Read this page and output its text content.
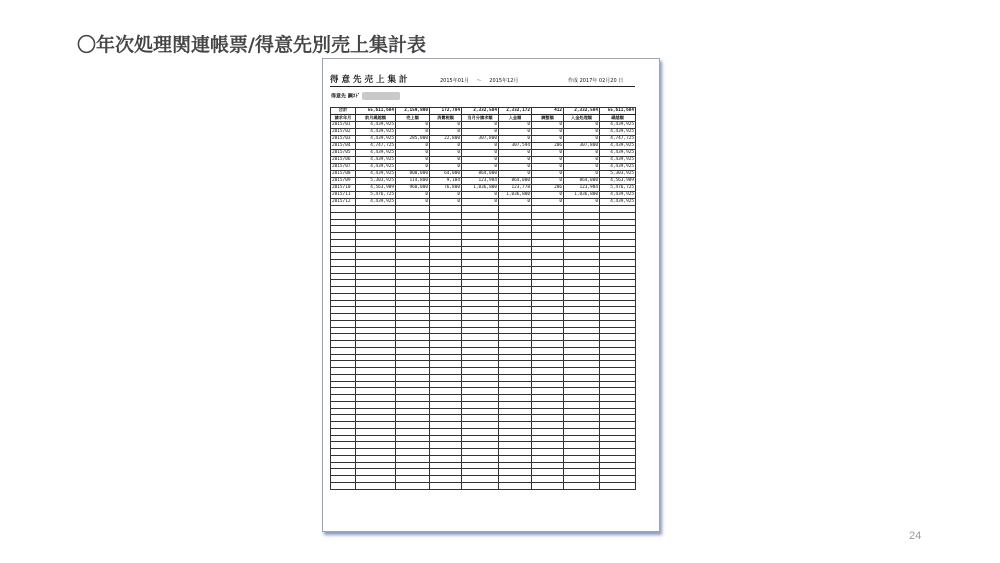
〇年次処理関連帳票/得意先別売上集計表
得意先売上集計	2015年01月 ～ 2015年12月	作成 2017年 02月20 日
得意先 鋼ｽﾄﾞ
合計	55,611,684	2,159,800	172,784	2,332,584	2,332,172	412	2,332,584	55,611,684
請求年月	前月繰越額	売上額	消費税額	当月分請求額	入金額	調整額	入金処理額	繰越額
2015/01	4,439,925	0	0	0	0	0	0	4,439,925
2015/02	4,439,925	0	0	0	0	0	0	4,439,925
2015/03	4,439,925	285,000	22,800	307,800	0	0	0	4,747,725
2015/04	4,747,725	0	0	0	307,594	206	307,800	4,439,925
2015/05	4,439,925	0	0	0	0	0	0	4,439,925
2015/06	4,439,925	0	0	0	0	0	0	4,439,925
2015/07	4,439,925	0	0	0	0	0	0	4,439,925
2015/08	4,439,925	800,000	64,000	864,000	0	0	0	5,303,925
2015/09	5,303,925	114,800	9,184	123,984	864,000	0	864,000	4,563,909
2015/10	4,563,909	960,000	76,800	1,036,800	123,778	206	123,984	5,476,725
2015/11	5,476,725	0	0	0	1,036,800	0	1,036,800	4,439,925
2015/12	4,439,925	0	0	0	0	0	0	4,439,925

24
